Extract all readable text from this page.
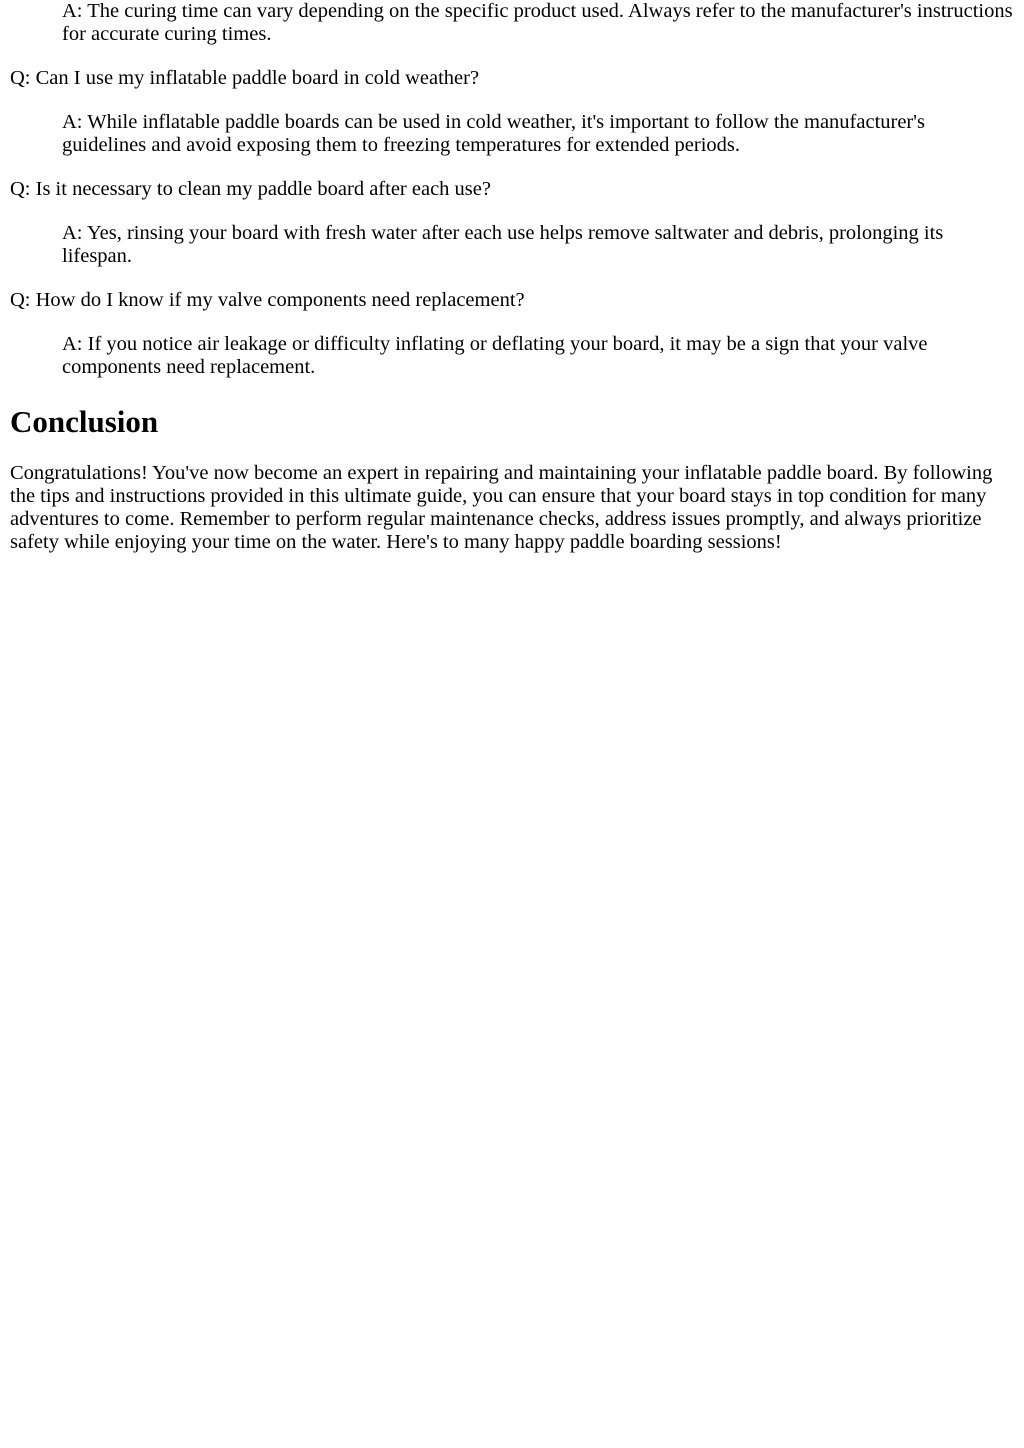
A: The curing time can vary depending on the specific product used. Always refer to the manufacturer's instructions for accurate curing times.

Q: Can I use my inflatable paddle board in cold weather?

A: While inflatable paddle boards can be used in cold weather, it's important to follow the manufacturer's guidelines and avoid exposing them to freezing temperatures for extended periods.

Q: Is it necessary to clean my paddle board after each use?

A: Yes, rinsing your board with fresh water after each use helps remove saltwater and debris, prolonging its lifespan.

Q: How do I know if my valve components need replacement?

A: If you notice air leakage or difficulty inflating or deflating your board, it may be a sign that your valve components need replacement.

Conclusion

Congratulations! You've now become an expert in repairing and maintaining your inflatable paddle board. By following the tips and instructions provided in this ultimate guide, you can ensure that your board stays in top condition for many adventures to come. Remember to perform regular maintenance checks, address issues promptly, and always prioritize safety while enjoying your time on the water. Here's to many happy paddle boarding sessions!
